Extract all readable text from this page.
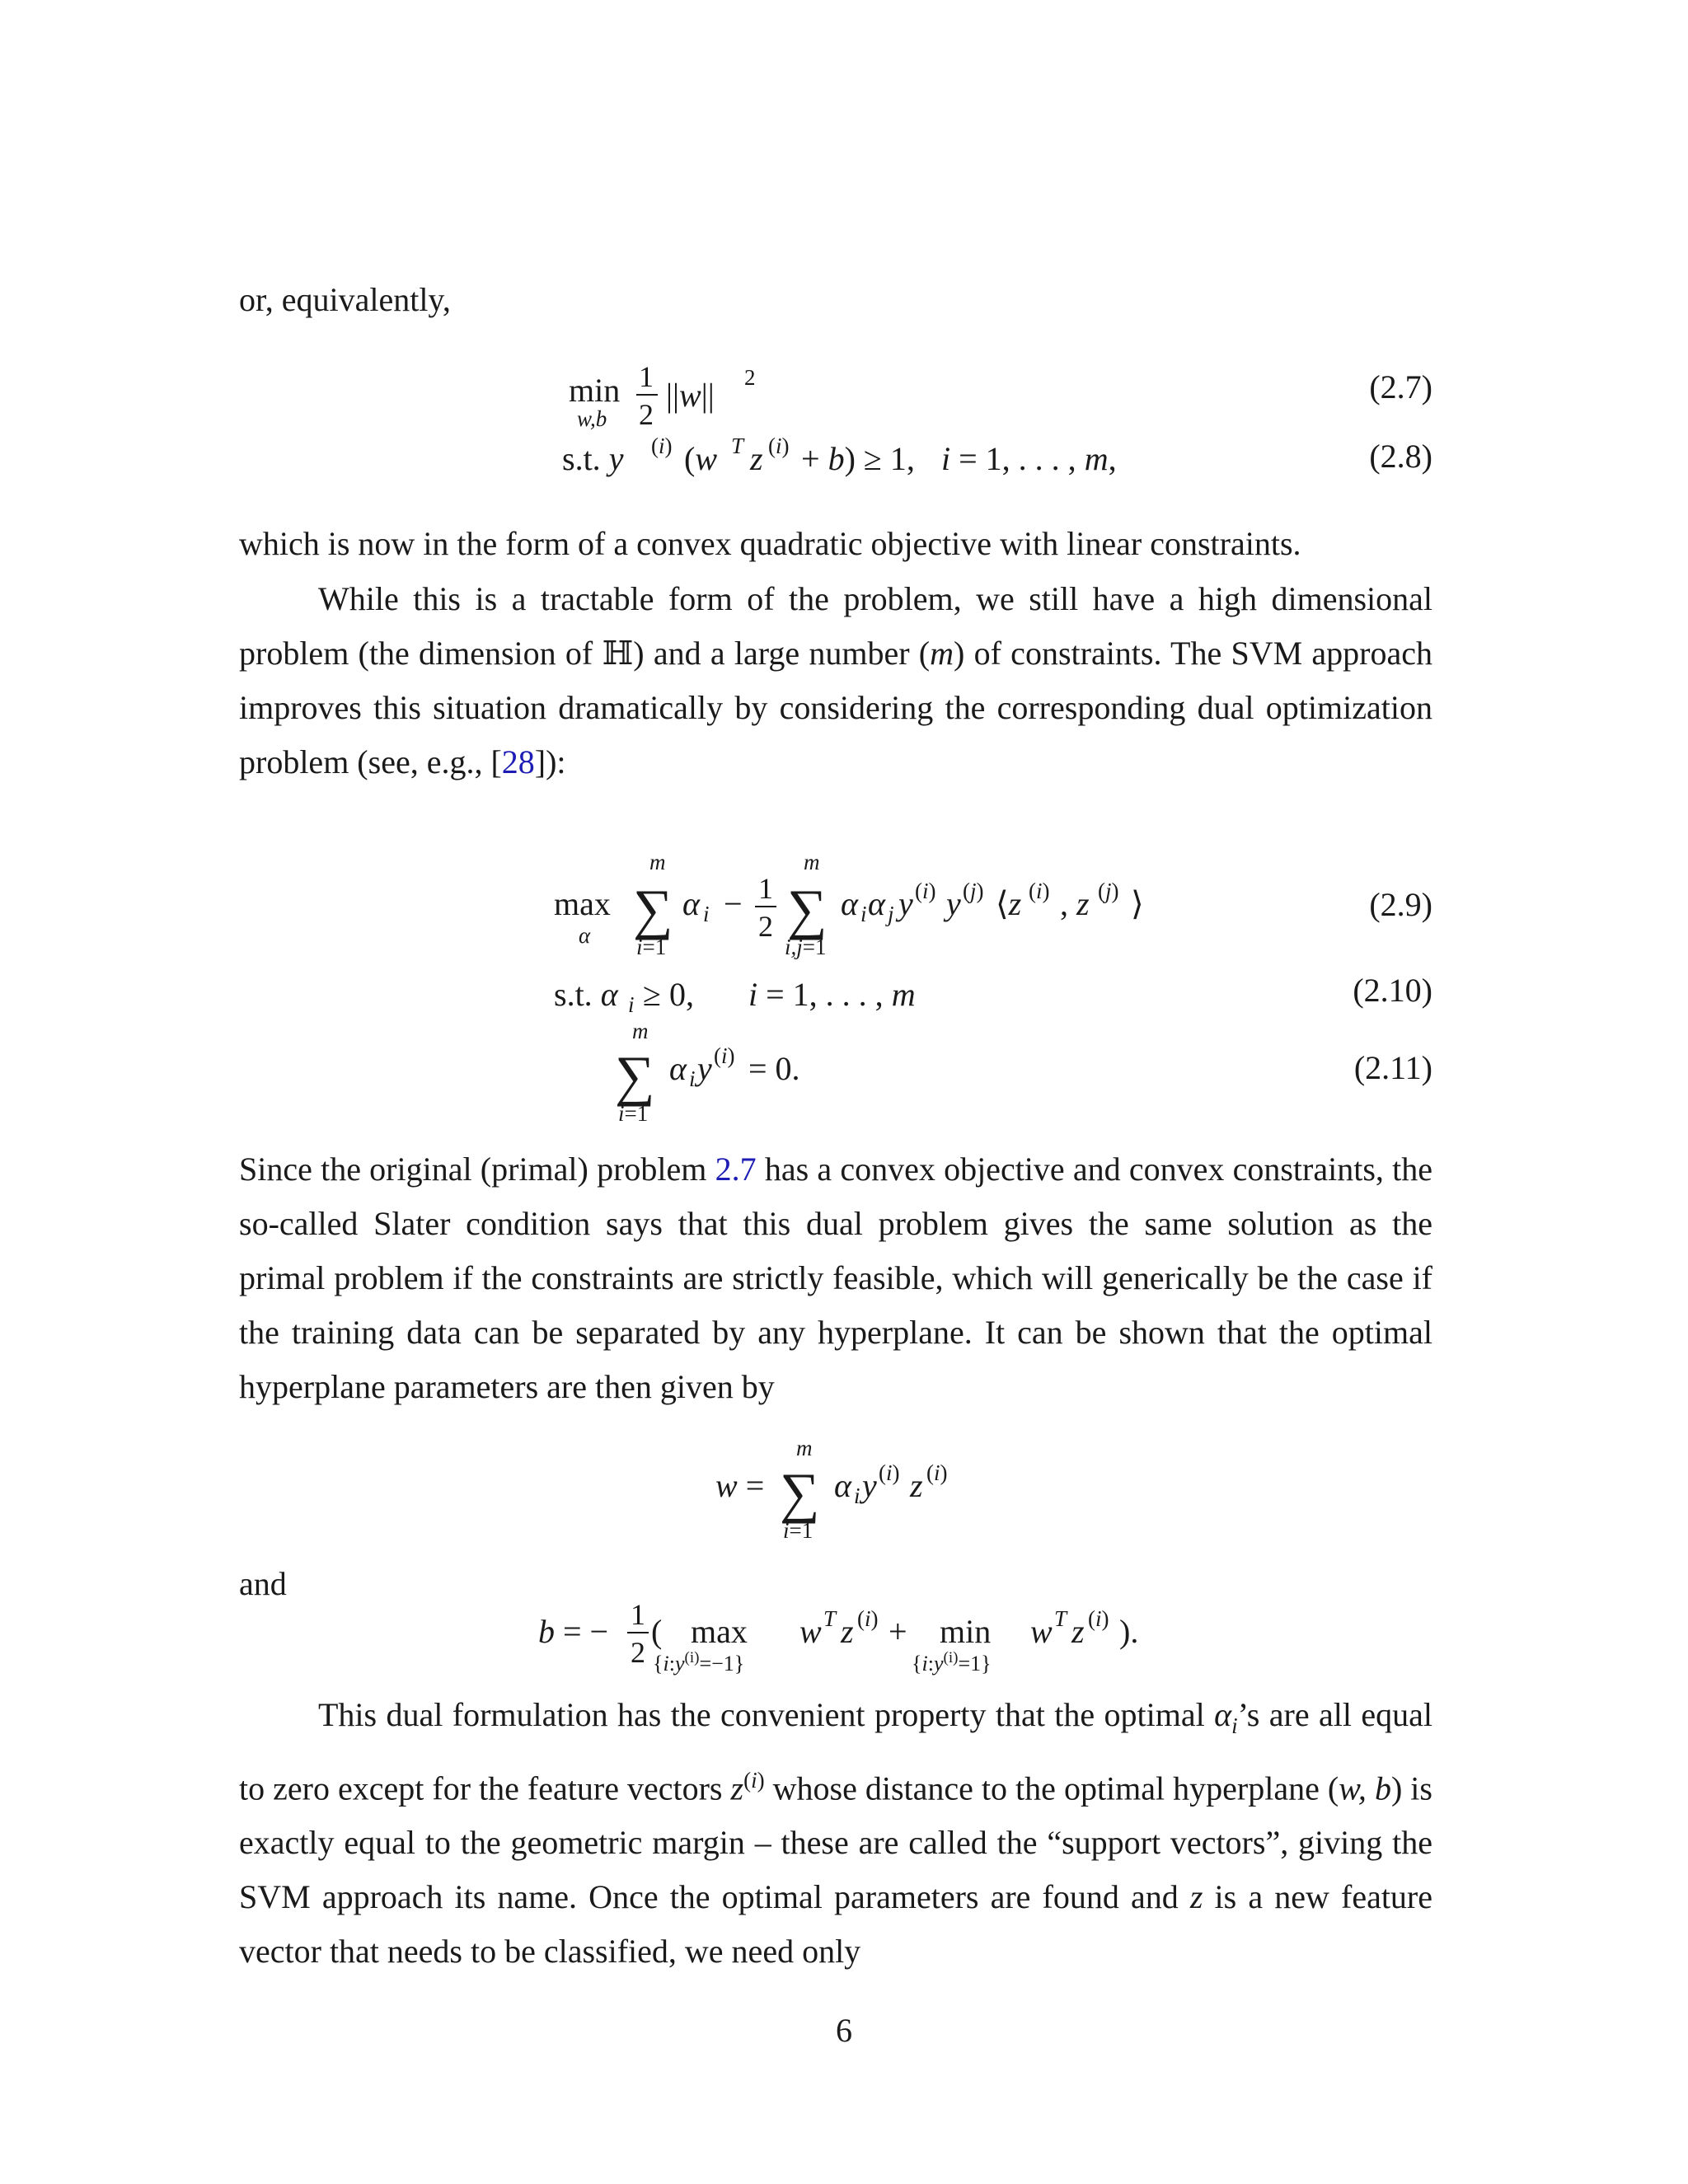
or, equivalently,
min
w,b
1
2
||w|| 2	(2.7)
s.t. y (i) (w T z (i) + b) ≥ 1, i = 1, . . . , m,	(2.8)
which is now in the form of a convex quadratic objective with linear constraints.
While this is a tractable form of the problem, we still have a high dimensional problem (the dimension of ℍ) and a large number (m) of constraints. The SVM approach improves this situation dramatically by considering the corresponding dual optimization problem (see, e.g., [28]):
max
α
m
∑
i=1
α i − 1
2
m
∑
i,j=1
α i α j y (i) y (j) ⟨z (i) , z (j) ⟩	(2.9)
s.t. α i ≥ 0, i = 1, . . . , m	(2.10)
m
∑
i=1
α i y (i) = 0.	(2.11)
Since the original (primal) problem 2.7 has a convex objective and convex constraints, the so-called Slater condition says that this dual problem gives the same solution as the primal problem if the constraints are strictly feasible, which will generically be the case if the training data can be separated by any hyperplane. It can be shown that the optimal hyperplane parameters are then given by
w =
m
∑
i=1
α i y (i) z (i)
and
b = − 1
2
( max
$\{i:y^{(i)}=-1\}$
w T z (i) + min
$\{i:y^{(i)}=1\}$
w T z (i) ).
This dual formulation has the convenient property that the optimal $\alpha_i’s$ are all equal to zero except for the feature vectors $z^{(i)}$ whose distance to the optimal hyperplane (w, b) is exactly equal to the geometric margin – these are called the “support vectors”, giving the SVM approach its name. Once the optimal parameters are found and z is a new feature vector that needs to be classified, we need only
6
